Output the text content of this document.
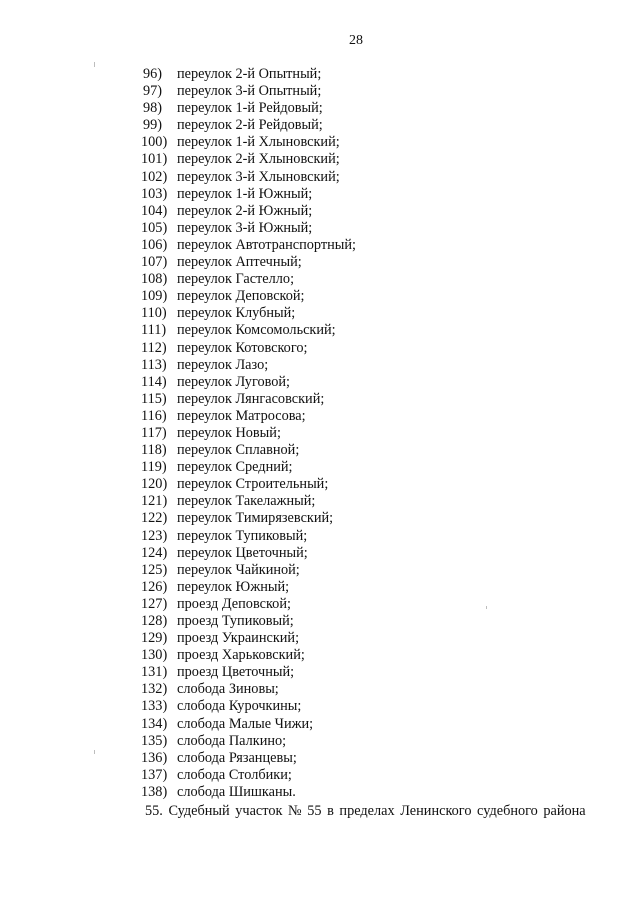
28
96)	переулок 2-й Опытный;
97)	переулок 3-й Опытный;
98)	переулок 1-й Рейдовый;
99)	переулок 2-й Рейдовый;
100) переулок 1-й Хлыновский;
101) переулок 2-й Хлыновский;
102) переулок 3-й Хлыновский;
103) переулок 1-й Южный;
104) переулок 2-й Южный;
105) переулок 3-й Южный;
106) переулок Автотранспортный;
107) переулок Аптечный;
108) переулок Гастелло;
109) переулок Деповской;
110) переулок Клубный;
111) переулок Комсомольский;
112) переулок Котовского;
113) переулок Лазо;
114) переулок Луговой;
115) переулок Лянгасовский;
116) переулок Матросова;
117) переулок Новый;
118) переулок Сплавной;
119) переулок Средний;
120) переулок Строительный;
121) переулок Такелажный;
122) переулок Тимирязевский;
123) переулок Тупиковый;
124) переулок Цветочный;
125) переулок Чайкиной;
126) переулок Южный;
127) проезд Деповской;
128) проезд Тупиковый;
129) проезд Украинский;
130) проезд Харьковский;
131) проезд Цветочный;
132) слобода Зиновы;
133) слобода Курочкины;
134) слобода Малые Чижи;
135) слобода Палкино;
136) слобода Рязанцевы;
137) слобода Столбики;
138) слобода Шишканы.
55. Судебный участок № 55 в пределах Ленинского судебного района
